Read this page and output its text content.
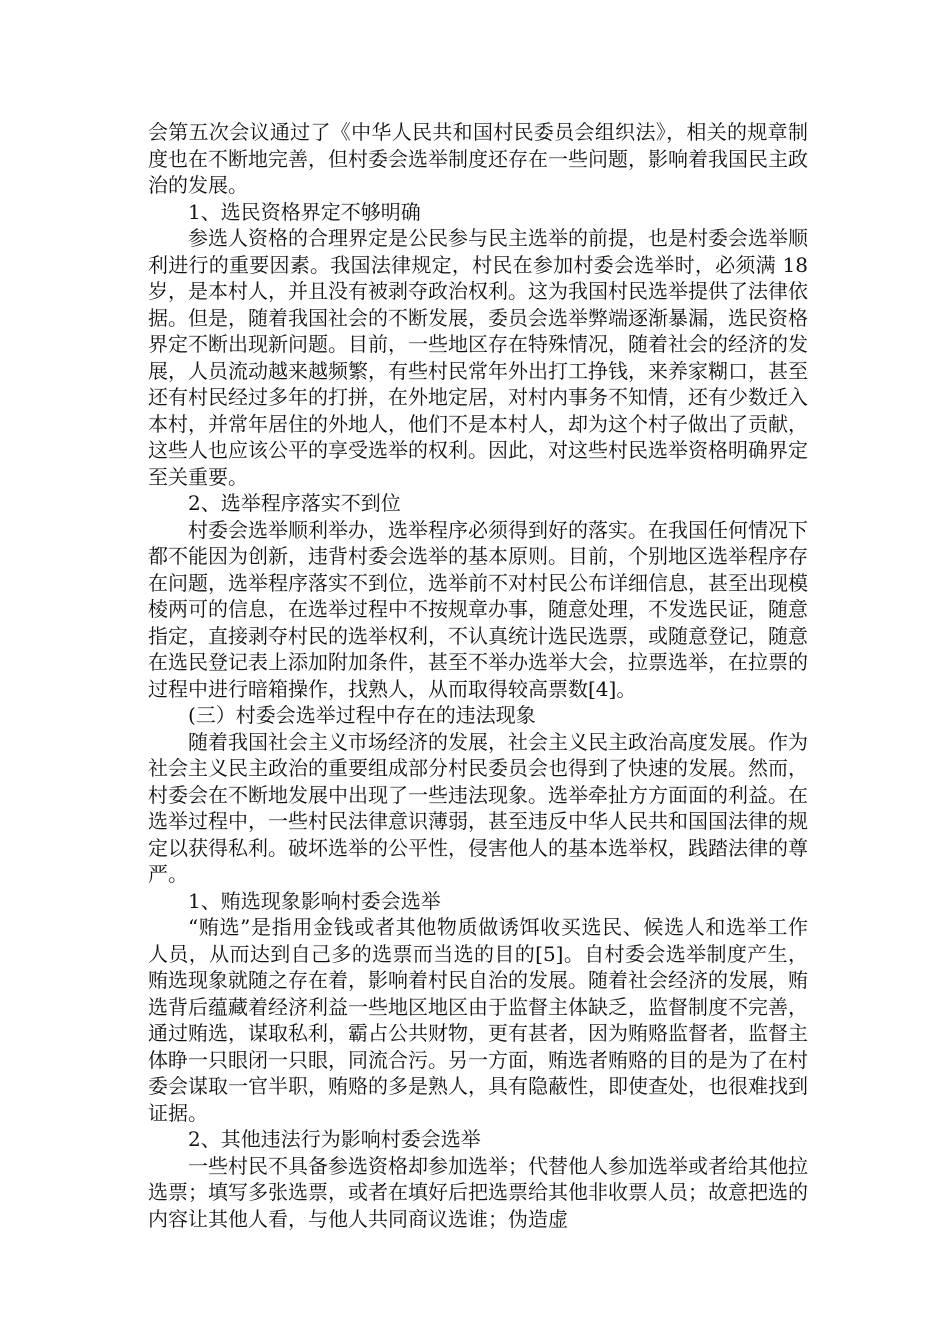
会第五次会议通过了《中华人民共和国村民委员会组织法》，相关的规章制度也在不断地完善，但村委会选举制度还存在一些问题，影响着我国民主政治的发展。

1、选民资格界定不够明确

参选人资格的合理界定是公民参与民主选举的前提，也是村委会选举顺利进行的重要因素。我国法律规定，村民在参加村委会选举时，必须满 18 岁，是本村人，并且没有被剥夺政治权利。这为我国村民选举提供了法律依据。但是，随着我国社会的不断发展，委员会选举弊端逐渐暴漏，选民资格界定不断出现新问题。目前，一些地区存在特殊情况，随着社会的经济的发展，人员流动越来越频繁，有些村民常年外出打工挣钱，来养家糊口，甚至还有村民经过多年的打拼，在外地定居，对村内事务不知情，还有少数迁入本村，并常年居住的外地人，他们不是本村人，却为这个村子做出了贡献，这些人也应该公平的享受选举的权利。因此，对这些村民选举资格明确界定至关重要。

2、选举程序落实不到位

村委会选举顺利举办，选举程序必须得到好的落实。在我国任何情况下都不能因为创新，违背村委会选举的基本原则。目前，个别地区选举程序存在问题，选举程序落实不到位，选举前不对村民公布详细信息，甚至出现模棱两可的信息，在选举过程中不按规章办事，随意处理，不发选民证，随意指定，直接剥夺村民的选举权利，不认真统计选民选票，或随意登记，随意在选民登记表上添加附加条件，甚至不举办选举大会，拉票选举，在拉票的过程中进行暗箱操作，找熟人，从而取得较高票数[4]。

(三）村委会选举过程中存在的违法现象

随着我国社会主义市场经济的发展，社会主义民主政治高度发展。作为社会主义民主政治的重要组成部分村民委员会也得到了快速的发展。然而，村委会在不断地发展中出现了一些违法现象。选举牵扯方方面面的利益。在选举过程中，一些村民法律意识薄弱，甚至违反中华人民共和国国法律的规定以获得私利。破坏选举的公平性，侵害他人的基本选举权，践踏法律的尊严。

1、贿选现象影响村委会选举

“贿选”是指用金钱或者其他物质做诱饵收买选民、候选人和选举工作人员，从而达到自己多的选票而当选的目的[5]。自村委会选举制度产生，贿选现象就随之存在着，影响着村民自治的发展。随着社会经济的发展，贿选背后蕴藏着经济利益一些地区地区由于监督主体缺乏，监督制度不完善，通过贿选，谋取私利，霸占公共财物，更有甚者，因为贿赂监督者，监督主体睁一只眼闭一只眼，同流合污。另一方面，贿选者贿赂的目的是为了在村委会谋取一官半职，贿赂的多是熟人，具有隐蔽性，即使查处，也很难找到证据。

2、其他违法行为影响村委会选举

一些村民不具备参选资格却参加选举；代替他人参加选举或者给其他拉选票；填写多张选票，或者在填好后把选票给其他非收票人员；故意把选的内容让其他人看，与他人共同商议选谁；伪造虚
